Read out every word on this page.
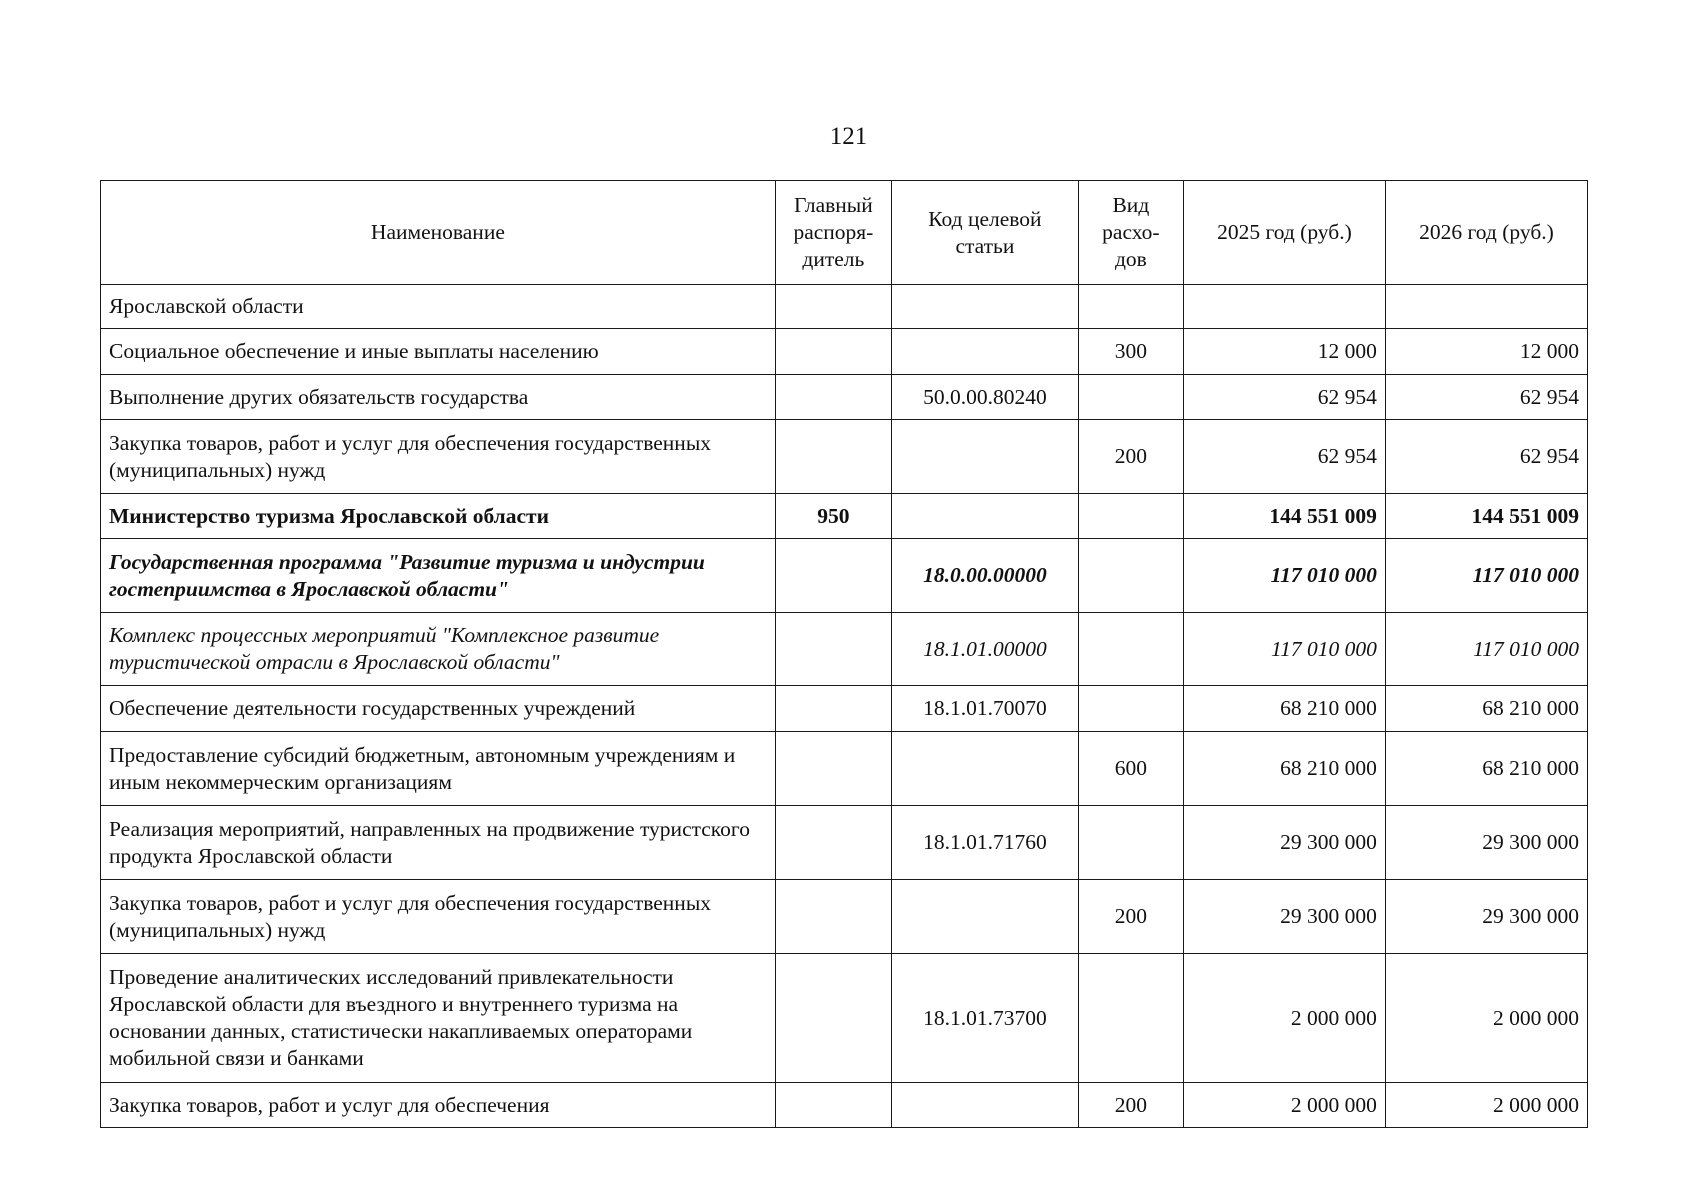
121
Наименование	Главный распоря-дитель	Код целевой статьи	Вид расхо-дов	2025 год (руб.)	2026 год (руб.)
Ярославской области					
Социальное обеспечение и иные выплаты населению			300	12 000	12 000
Выполнение других обязательств государства		50.0.00.80240		62 954	62 954
Закупка товаров, работ и услуг для обеспечения государственных (муниципальных) нужд			200	62 954	62 954
Министерство туризма Ярославской области	950			144 551 009	144 551 009
Государственная программа "Развитие туризма и индустрии гостеприимства в Ярославской области"		18.0.00.00000		117 010 000	117 010 000
Комплекс процессных мероприятий "Комплексное развитие туристической отрасли в Ярославской области"		18.1.01.00000		117 010 000	117 010 000
Обеспечение деятельности государственных учреждений		18.1.01.70070		68 210 000	68 210 000
Предоставление субсидий бюджетным, автономным учреждениям и иным некоммерческим организациям			600	68 210 000	68 210 000
Реализация мероприятий, направленных на продвижение туристского продукта Ярославской области		18.1.01.71760		29 300 000	29 300 000
Закупка товаров, работ и услуг для обеспечения государственных (муниципальных) нужд			200	29 300 000	29 300 000
Проведение аналитических исследований привлекательности Ярославской области для въездного и внутреннего туризма на основании данных, статистически накапливаемых операторами мобильной связи и банками		18.1.01.73700		2 000 000	2 000 000
Закупка товаров, работ и услуг для обеспечения			200	2 000 000	2 000 000
